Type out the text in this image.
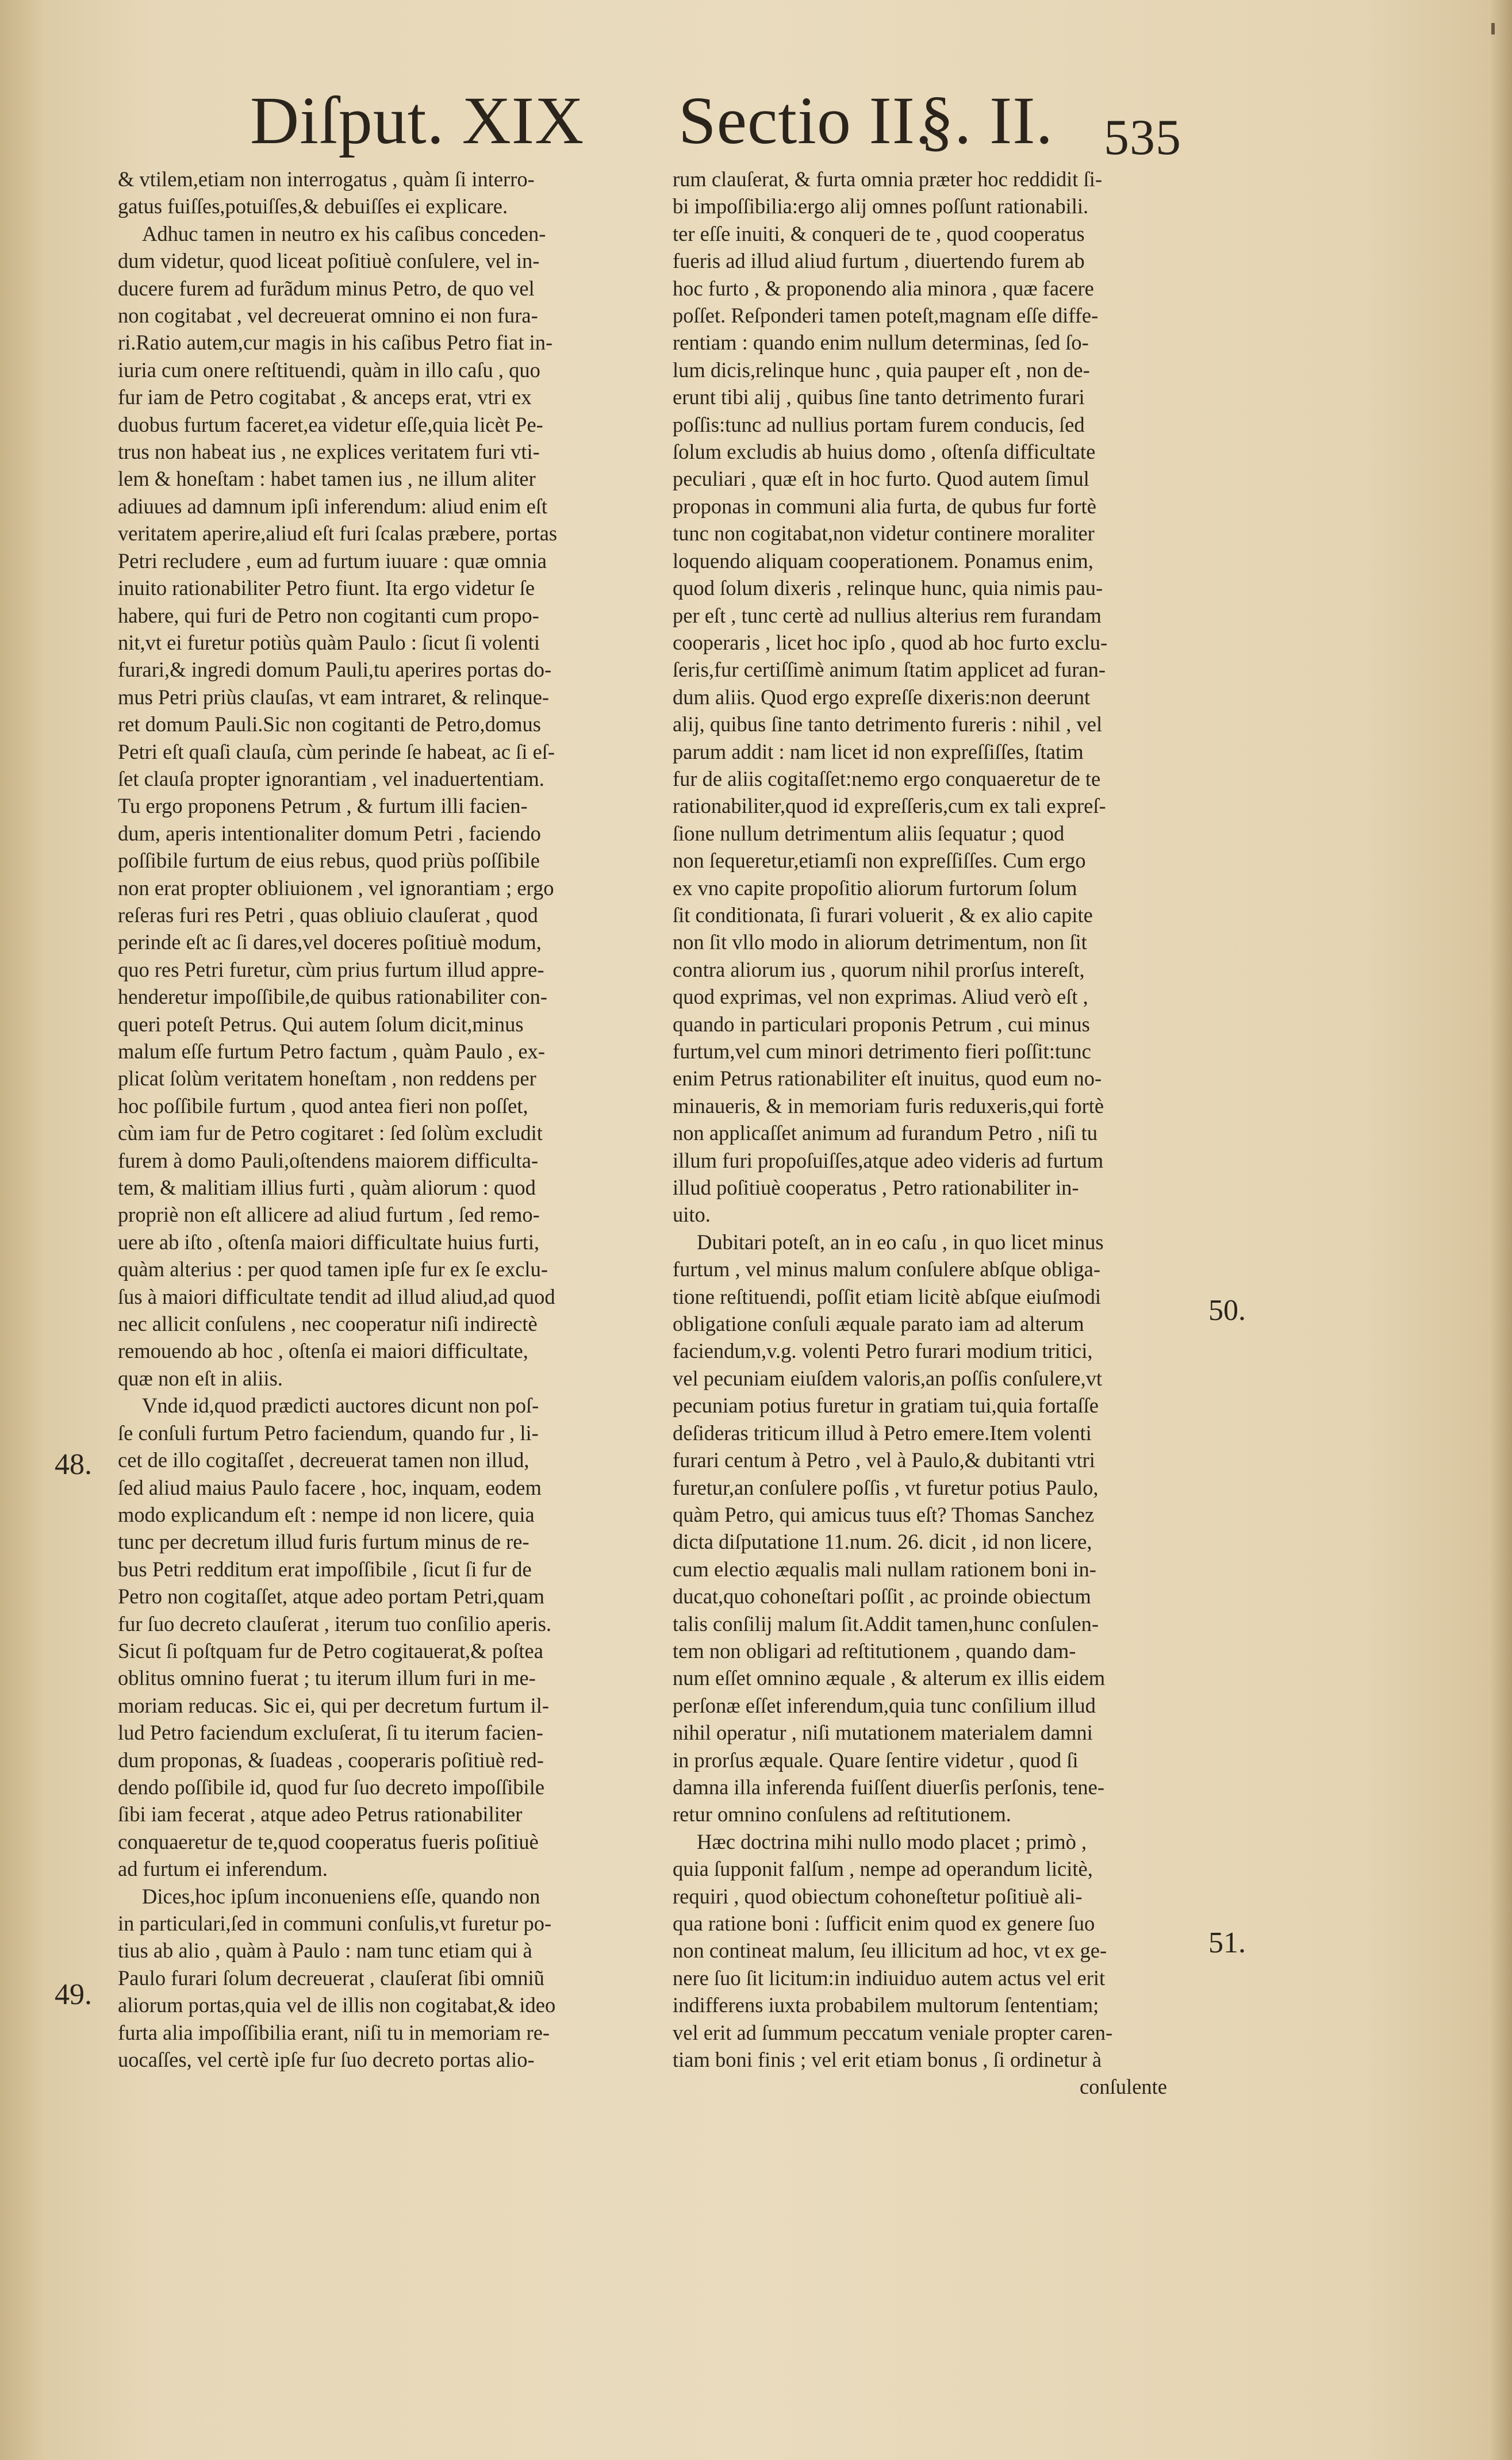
Diſput. XIX Sectio II.
§. II. 535
& vtilem,etiam non interrogatus , quàm ſi interro-
gatus fuiſſes,potuiſſes,& debuiſſes ei explicare.
Adhuc tamen in neutro ex his caſibus conceden-
dum videtur, quod liceat poſitiuè conſulere, vel in-
ducere furem ad furãdum minus Petro, de quo vel
non cogitabat , vel decreuerat omnino ei non fura-
ri.Ratio autem,cur magis in his caſibus Petro fiat in-
iuria cum onere reſtituendi, quàm in illo caſu , quo
fur iam de Petro cogitabat , & anceps erat, vtri ex
duobus furtum faceret,ea videtur eſſe,quia licèt Pe-
trus non habeat ius , ne explices veritatem furi vti-
lem & honeſtam : habet tamen ius , ne illum aliter
adiuues ad damnum ipſi inferendum: aliud enim eſt
veritatem aperire,aliud eſt furi ſcalas præbere, portas
Petri recludere , eum ad furtum iuuare : quæ omnia
inuito rationabiliter Petro fiunt. Ita ergo videtur ſe
habere, qui furi de Petro non cogitanti cum propo-
nit,vt ei furetur potiùs quàm Paulo : ſicut ſi volenti
furari,& ingredi domum Pauli,tu aperires portas do-
mus Petri priùs clauſas, vt eam intraret, & relinque-
ret domum Pauli.Sic non cogitanti de Petro,domus
Petri eſt quaſi clauſa, cùm perinde ſe habeat, ac ſi eſ-
ſet clauſa propter ignorantiam , vel inaduertentiam.
Tu ergo proponens Petrum , & furtum illi facien-
dum, aperis intentionaliter domum Petri , faciendo
poſſibile furtum de eius rebus, quod priùs poſſibile
non erat propter obliuionem , vel ignorantiam ; ergo
reſeras furi res Petri , quas obliuio clauſerat , quod
perinde eſt ac ſi dares,vel doceres poſitiuè modum,
quo res Petri furetur, cùm prius furtum illud appre-
henderetur impoſſibile,de quibus rationabiliter con-
queri poteſt Petrus. Qui autem ſolum dicit,minus
malum eſſe furtum Petro factum , quàm Paulo , ex-
plicat ſolùm veritatem honeſtam , non reddens per
hoc poſſibile furtum , quod antea fieri non poſſet,
cùm iam fur de Petro cogitaret : ſed ſolùm excludit
furem à domo Pauli,oſtendens maiorem difficulta-
tem, & malitiam illius furti , quàm aliorum : quod
propriè non eſt allicere ad aliud furtum , ſed remo-
uere ab iſto , oſtenſa maiori difficultate huius furti,
quàm alterius : per quod tamen ipſe fur ex ſe exclu-
ſus à maiori difficultate tendit ad illud aliud,ad quod
nec allicit conſulens , nec cooperatur niſi indirectè
remouendo ab hoc , oſtenſa ei maiori difficultate,
quæ non eſt in aliis.
Vnde id,quod prædicti auctores dicunt non poſ-
ſe conſuli furtum Petro faciendum, quando fur , li-
cet de illo cogitaſſet , decreuerat tamen non illud,
ſed aliud maius Paulo facere , hoc, inquam, eodem
modo explicandum eſt : nempe id non licere, quia
tunc per decretum illud furis furtum minus de re-
bus Petri redditum erat impoſſibile , ſicut ſi fur de
Petro non cogitaſſet, atque adeo portam Petri,quam
fur ſuo decreto clauſerat , iterum tuo conſilio aperis.
Sicut ſi poſtquam fur de Petro cogitauerat,& poſtea
oblitus omnino fuerat ; tu iterum illum furi in me-
moriam reducas. Sic ei, qui per decretum furtum il-
lud Petro faciendum excluſerat, ſi tu iterum facien-
dum proponas, & ſuadeas , cooperaris poſitiuè red-
dendo poſſibile id, quod fur ſuo decreto impoſſibile
ſibi iam fecerat , atque adeo Petrus rationabiliter
conquaeretur de te,quod cooperatus fueris poſitiuè
ad furtum ei inferendum.
Dices,hoc ipſum inconueniens eſſe, quando non
in particulari,ſed in communi conſulis,vt furetur po-
tius ab alio , quàm à Paulo : nam tunc etiam qui à
Paulo furari ſolum decreuerat , clauſerat ſibi omniũ
aliorum portas,quia vel de illis non cogitabat,& ideo
furta alia impoſſibilia erant, niſi tu in memoriam re-
uocaſſes, vel certè ipſe fur ſuo decreto portas alio-
rum clauſerat, & furta omnia præter hoc reddidit ſi-
bi impoſſibilia:ergo alij omnes poſſunt rationabili.
ter eſſe inuiti, & conqueri de te , quod cooperatus
fueris ad illud aliud furtum , diuertendo furem ab
hoc furto , & proponendo alia minora , quæ facere
poſſet. Reſponderi tamen poteſt,magnam eſſe diffe-
rentiam : quando enim nullum determinas, ſed ſo-
lum dicis,relinque hunc , quia pauper eſt , non de-
erunt tibi alij , quibus ſine tanto detrimento furari
poſſis:tunc ad nullius portam furem conducis, ſed
ſolum excludis ab huius domo , oſtenſa difficultate
peculiari , quæ eſt in hoc furto. Quod autem ſimul
proponas in communi alia furta, de qubus fur fortè
tunc non cogitabat,non videtur continere moraliter
loquendo aliquam cooperationem. Ponamus enim,
quod ſolum dixeris , relinque hunc, quia nimis pau-
per eſt , tunc certè ad nullius alterius rem furandam
cooperaris , licet hoc ipſo , quod ab hoc furto exclu-
ſeris,fur certiſſimè animum ſtatim applicet ad furan-
dum aliis. Quod ergo expreſſe dixeris:non deerunt
alij, quibus ſine tanto detrimento fureris : nihil , vel
parum addit : nam licet id non expreſſiſſes, ſtatim
fur de aliis cogitaſſet:nemo ergo conquaeretur de te
rationabiliter,quod id expreſſeris,cum ex tali expreſ-
ſione nullum detrimentum aliis ſequatur ; quod
non ſequeretur,etiamſi non expreſſiſſes. Cum ergo
ex vno capite propoſitio aliorum furtorum ſolum
ſit conditionata, ſi furari voluerit , & ex alio capite
non ſit vllo modo in aliorum detrimentum, non ſit
contra aliorum ius , quorum nihil prorſus intereſt,
quod exprimas, vel non exprimas. Aliud verò eſt ,
quando in particulari proponis Petrum , cui minus
furtum,vel cum minori detrimento fieri poſſit:tunc
enim Petrus rationabiliter eſt inuitus, quod eum no-
minaueris, & in memoriam furis reduxeris,qui fortè
non applicaſſet animum ad furandum Petro , niſi tu
illum furi propoſuiſſes,atque adeo videris ad furtum
illud poſitiuè cooperatus , Petro rationabiliter in-
uito.
Dubitari poteſt, an in eo caſu , in quo licet minus
furtum , vel minus malum conſulere abſque obliga-
tione reſtituendi, poſſit etiam licitè abſque eiuſmodi
obligatione conſuli æquale parato iam ad alterum
faciendum,v.g. volenti Petro furari modium tritici,
vel pecuniam eiuſdem valoris,an poſſis conſulere,vt
pecuniam potius furetur in gratiam tui,quia fortaſſe
deſideras triticum illud à Petro emere.Item volenti
furari centum à Petro , vel à Paulo,& dubitanti vtri
furetur,an conſulere poſſis , vt furetur potius Paulo,
quàm Petro, qui amicus tuus eſt? Thomas Sanchez
dicta diſputatione 11.num. 26. dicit , id non licere,
cum electio æqualis mali nullam rationem boni in-
ducat,quo cohoneſtari poſſit , ac proinde obiectum
talis conſilij malum ſit.Addit tamen,hunc conſulen-
tem non obligari ad reſtitutionem , quando dam-
num eſſet omnino æquale , & alterum ex illis eidem
perſonæ eſſet inferendum,quia tunc conſilium illud
nihil operatur , niſi mutationem materialem damni
in prorſus æquale. Quare ſentire videtur , quod ſi
damna illa inferenda fuiſſent diuerſis perſonis, tene-
retur omnino conſulens ad reſtitutionem.
Hæc doctrina mihi nullo modo placet ; primò ,
quia ſupponit falſum , nempe ad operandum licitè,
requiri , quod obiectum cohoneſtetur poſitiuè ali-
qua ratione boni : ſufficit enim quod ex genere ſuo
non contineat malum, ſeu illicitum ad hoc, vt ex ge-
nere ſuo ſit licitum:in indiuiduo autem actus vel erit
indifferens iuxta probabilem multorum ſententiam;
vel erit ad ſummum peccatum veniale propter caren-
tiam boni finis ; vel erit etiam bonus , ſi ordinetur à
conſulente
48.
49.
50.
51.
